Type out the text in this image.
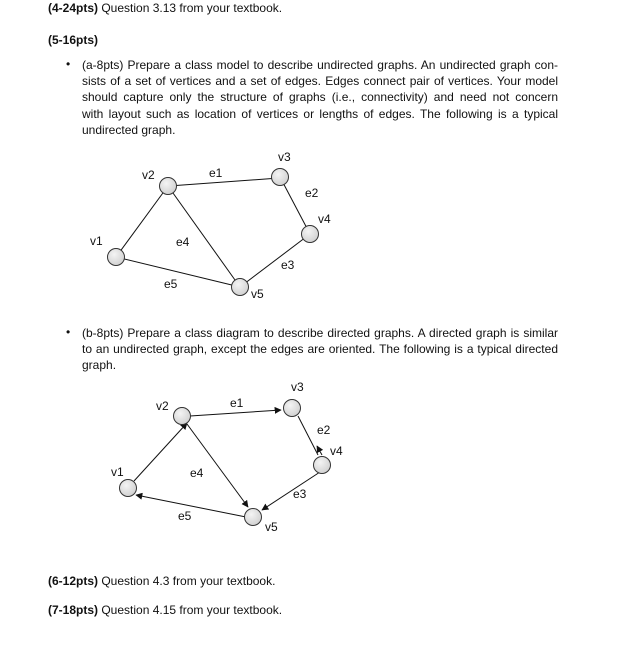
(4-24pts) Question 3.13 from your textbook.
(5-16pts)
• (a-8pts) Prepare a class model to describe undirected graphs. An undirected graph con-
sists of a set of vertices and a set of edges. Edges connect pair of vertices. Your model
should capture only the structure of graphs (i.e., connectivity) and need not concern
with layout such as location of vertices or lengths of edges. The following is a typical
undirected graph.
• (b-8pts) Prepare a class diagram to describe directed graphs. A directed graph is similar
to an undirected graph, except the edges are oriented. The following is a typical directed
graph.
(6-12pts) Question 4.3 from your textbook.
(7-18pts) Question 4.15 from your textbook.
v1
v2
v3
v4
v5
e1
e2
e3
e4
e5
v1
v2
v3
v4
v5
e1
e2
e3
e4
e5
